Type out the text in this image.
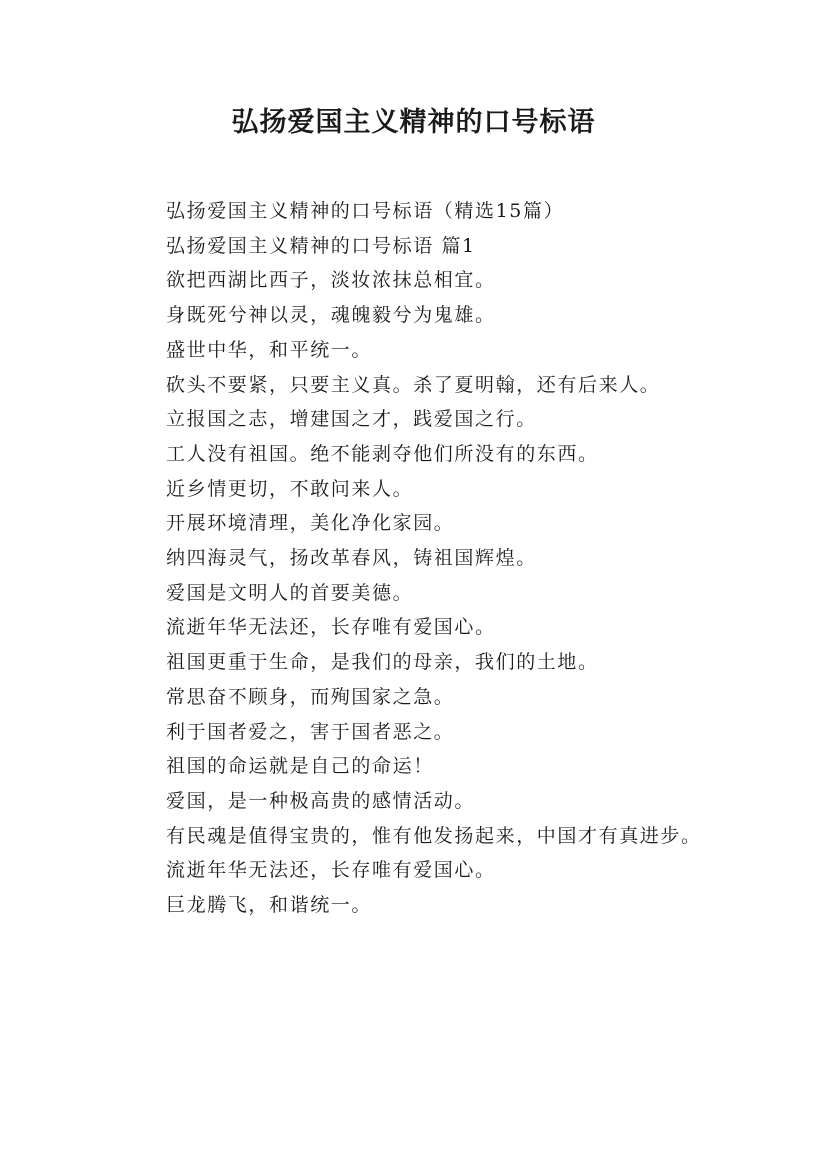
弘扬爱国主义精神的口号标语

弘扬爱国主义精神的口号标语（精选15篇）

弘扬爱国主义精神的口号标语 篇1

欲把西湖比西子，淡妆浓抹总相宜。

身既死兮神以灵，魂魄毅兮为鬼雄。

盛世中华，和平统一。

砍头不要紧，只要主义真。杀了夏明翰，还有后来人。

立报国之志，增建国之才，践爱国之行。

工人没有祖国。绝不能剥夺他们所没有的东西。

近乡情更切，不敢问来人。

开展环境清理，美化净化家园。

纳四海灵气，扬改革春风，铸祖国辉煌。

爱国是文明人的首要美德。

流逝年华无法还，长存唯有爱国心。

祖国更重于生命，是我们的母亲，我们的土地。

常思奋不顾身，而殉国家之急。

利于国者爱之，害于国者恶之。

祖国的命运就是自己的命运！

爱国，是一种极高贵的感情活动。

有民魂是值得宝贵的，惟有他发扬起来，中国才有真进步。

流逝年华无法还，长存唯有爱国心。

巨龙腾飞，和谐统一。
